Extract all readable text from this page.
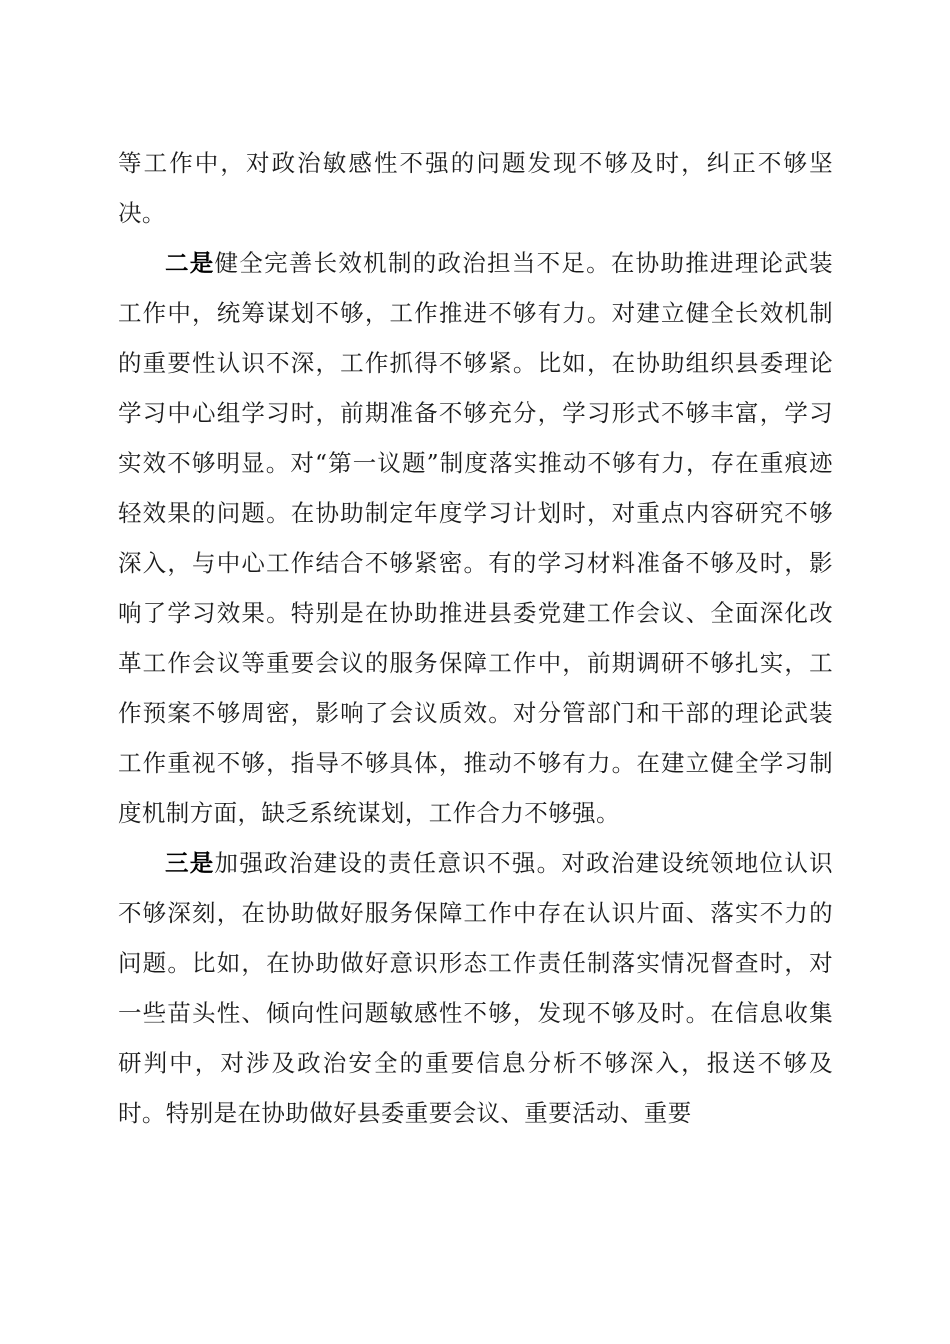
等工作中，对政治敏感性不强的问题发现不够及时，纠正不够坚决。

二是健全完善长效机制的政治担当不足。在协助推进理论武装工作中，统筹谋划不够，工作推进不够有力。对建立健全长效机制的重要性认识不深，工作抓得不够紧。比如，在协助组织县委理论学习中心组学习时，前期准备不够充分，学习形式不够丰富，学习实效不够明显。对“第一议题”制度落实推动不够有力，存在重痕迹轻效果的问题。在协助制定年度学习计划时，对重点内容研究不够深入，与中心工作结合不够紧密。有的学习材料准备不够及时，影响了学习效果。特别是在协助推进县委党建工作会议、全面深化改革工作会议等重要会议的服务保障工作中，前期调研不够扎实，工作预案不够周密，影响了会议质效。对分管部门和干部的理论武装工作重视不够，指导不够具体，推动不够有力。在建立健全学习制度机制方面，缺乏系统谋划，工作合力不够强。

三是加强政治建设的责任意识不强。对政治建设统领地位认识不够深刻，在协助做好服务保障工作中存在认识片面、落实不力的问题。比如，在协助做好意识形态工作责任制落实情况督查时，对一些苗头性、倾向性问题敏感性不够，发现不够及时。在信息收集研判中，对涉及政治安全的重要信息分析不够深入，报送不够及时。特别是在协助做好县委重要会议、重要活动、重要
